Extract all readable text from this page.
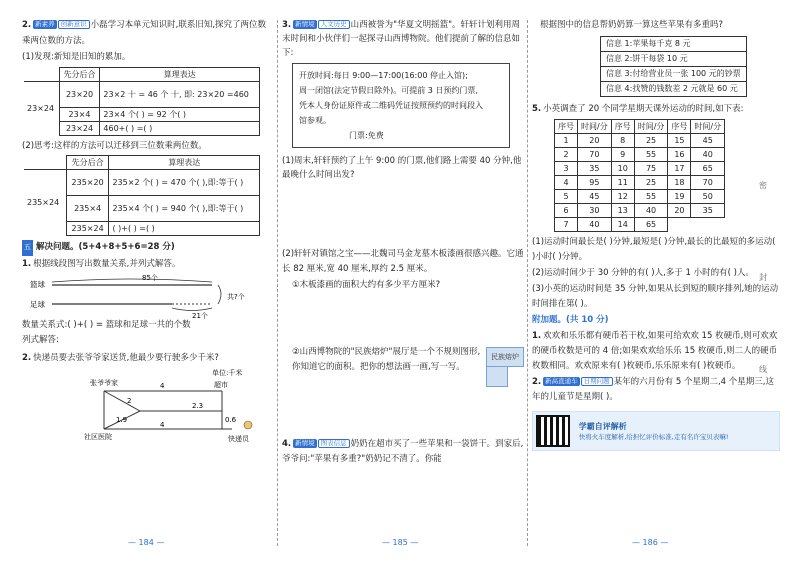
2. 新素养 创新意识 小磊学习本单元知识时,联系旧知,探究了两位数乘两位数的方法。
(1)发现:新知是旧知的累加。
	先分后合	算理表达
23×24	23×20	23×2 十 = 46 个 十, 即: 23×20 =460
	23×4	23×4 个( ) = 92 个( )
	23×24	460+( ) =( )
(2)思考:这样的方法可以迁移到三位数乘两位数。
	先分后合	算理表达
235×24	235×20	235×2 个( ) = 470 个( ),即:等于( )
	235×4	235×4 个( ) = 940 个( ),即:等于( )
	235×24	( )+( ) =( )
五 解决问题。(5+4+8+5+6=28 分)
1. 根据线段图写出数量关系,并列式解答。
篮球
足球
85个
21个
共?个
数量关系式:( )+( ) = 篮球和足球一共的个数
列式解答:
2. 快递员要去张爷爷家送货,他最少要行驶多少千米?
单位:千米
张爷爷家	超市
社区医院	快递员
4
2
1.9
2.3
0.6
4
3. 新情境 人文历史 山西被誉为"华夏文明摇篮"。轩轩计划利用周末时间和小伙伴们一起探寻山西博物院。他们提前了解的信息如下:
开放时间:每日 9:00—17:00(16:00 停止入馆);
周一闭馆(法定节假日除外)。可提前 3 日预约门票,
凭本人身份证原件或二维码凭证按照预约的时间段入
馆参观。
门票:免费
(1)周末,轩轩预约了上午 9:00 的门票,他们路上需要 40 分钟,他最晚什么时间出发?
(2)轩轩对镇馆之宝——北魏司马金龙墓木板漆画很感兴趣。它通长 82 厘米,宽 40 厘米,厚约 2.5 厘米。
①木板漆画的面积大约有多少平方厘米?
②山西博物院的"民族熔炉"展厅是一个不规则图形,你知道它的面积。把你的想法画一画,写一写。
民族熔炉
4. 新情境 图表信息 奶奶在超市买了一些苹果和一袋饼干。到家后,爷爷问:"苹果有多重?"奶奶记不清了。你能
根据图中的信息帮奶奶算一算这些苹果有多重吗?
信息 1:苹果每千克 8 元
信息 2:饼干每袋 10 元
信息 3:付给营业员一张 100 元的钞票
信息 4:找赞的钱数差 2 元就是 60 元
5. 小英调查了 20 个同学星期天课外运动的时间,如下表:
序号	时间/分	序号	时间/分	序号	时间/分
1	20	8	25	15	45
2	70	9	55	16	40
3	35	10	75	17	65
4	95	11	25	18	70
5	45	12	55	19	50
6	30	13	40	20	35
7	40	14	65		
(1)运动时间最长是( )分钟,最短是( )分钟,最长的比最短的多运动( )小时( )分钟。
(2)运动时间少于 30 分钟的有( )人,多于 1 小时的有( )人。
(3)小英的运动时间是 35 分钟,如果从长到短的顺序排列,她的运动时间排在第( )。
附加题。(共 10 分)
1. 欢欢和乐乐都有硬币若干枚,如果可给欢欢 15 枚硬币,则可欢欢的硬币枚数是可的 4 倍;如果欢欢给乐乐 15 枚硬币,则二人的硬币枚数相同。欢欢原来有( )枚硬币,乐乐原来有( )枚硬币。
2. 新高直通车 日期问题 某年的六月份有 5 个星期二,4 个星期三,这年的儿童节是星期( )。

学霸自评解析
快将火车度解析,给担忆评价标准,走有名许宝贝表嘛!
密
封
线
— 184 —	— 185 —	— 186 —
